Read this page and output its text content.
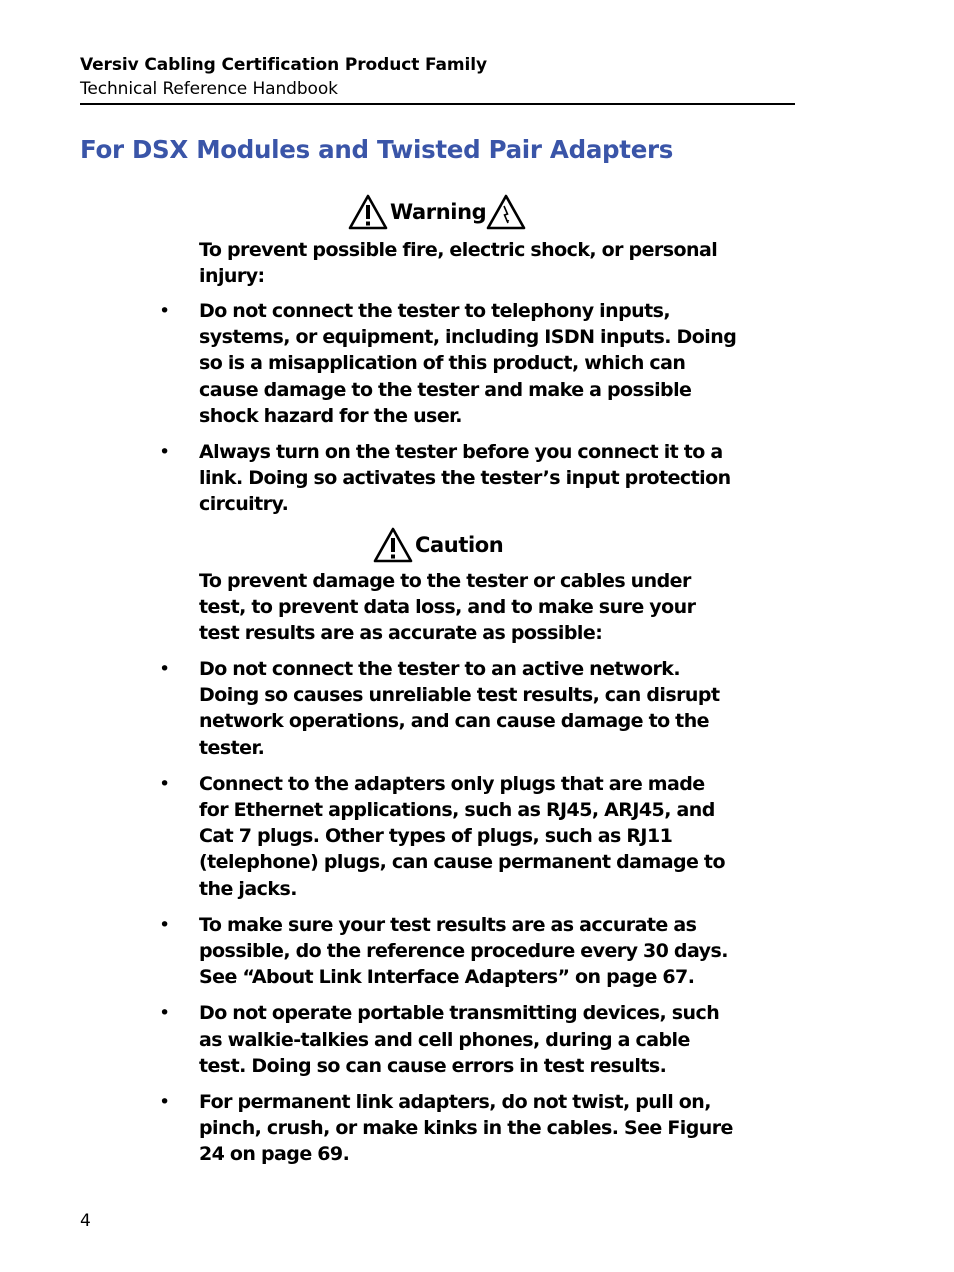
Versiv Cabling Certification Product Family
Technical Reference Handbook
For DSX Modules and Twisted Pair Adapters
Warning
To prevent possible fire, electric shock, or personal injury:
• Do not connect the tester to telephony inputs, systems, or equipment, including ISDN inputs. Doing so is a misapplication of this product, which can cause damage to the tester and make a possible shock hazard for the user.
• Always turn on the tester before you connect it to a link. Doing so activates the tester’s input protection circuitry.
Caution
To prevent damage to the tester or cables under test, to prevent data loss, and to make sure your test results are as accurate as possible:
• Do not connect the tester to an active network. Doing so causes unreliable test results, can disrupt network operations, and can cause damage to the tester.
• Connect to the adapters only plugs that are made for Ethernet applications, such as RJ45, ARJ45, and Cat 7 plugs. Other types of plugs, such as RJ11 (telephone) plugs, can cause permanent damage to the jacks.
• To make sure your test results are as accurate as possible, do the reference procedure every 30 days. See “About Link Interface Adapters” on page 67.
• Do not operate portable transmitting devices, such as walkie-talkies and cell phones, during a cable test. Doing so can cause errors in test results.
• For permanent link adapters, do not twist, pull on, pinch, crush, or make kinks in the cables. See Figure 24 on page 69.
4
